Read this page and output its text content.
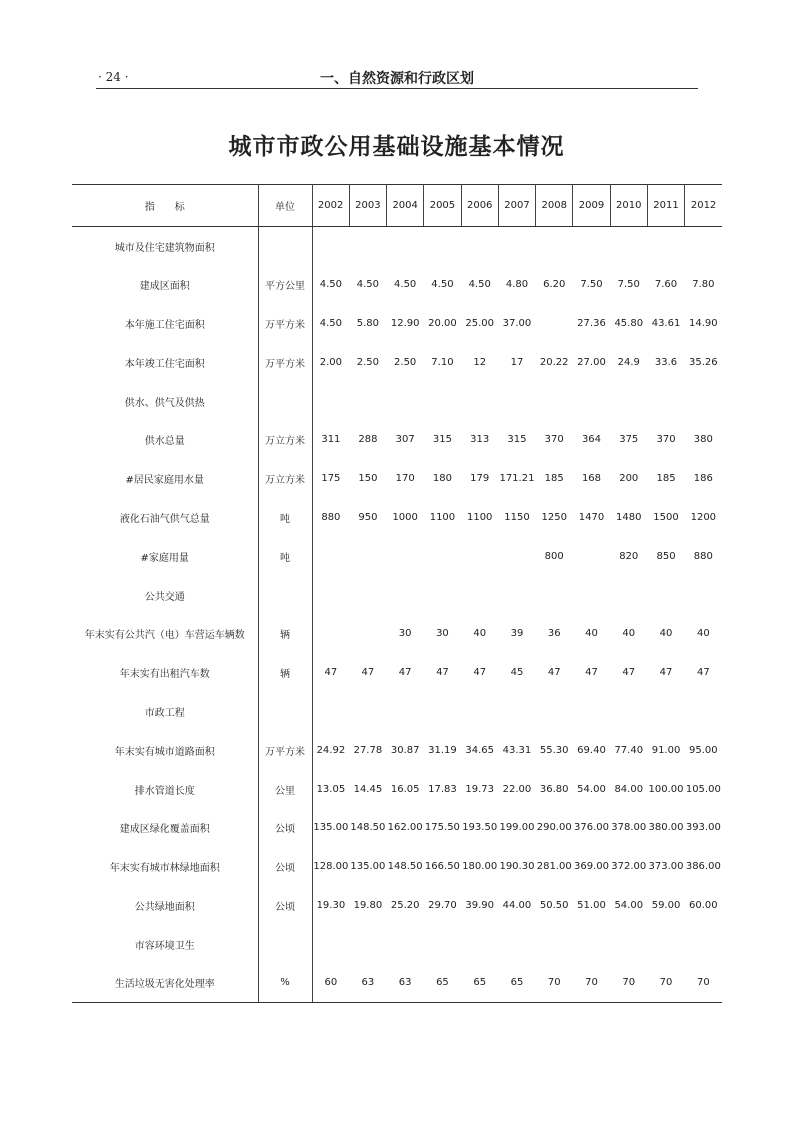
· 24 ·	一、自然资源和行政区划
城市市政公用基础设施基本情况
指　　标	单位	2002	2003	2004	2005	2006	2007	2008	2009	2010	2011	2012
城市及住宅建筑物面积												
建成区面积	平方公里	4.50	4.50	4.50	4.50	4.50	4.80	6.20	7.50	7.50	7.60	7.80
本年施工住宅面积	万平方米	4.50	5.80	12.90	20.00	25.00	37.00		27.36	45.80	43.61	14.90
本年竣工住宅面积	万平方米	2.00	2.50	2.50	7.10	12	17	20.22	27.00	24.9	33.6	35.26
供水、供气及供热												
供水总量	万立方米	311	288	307	315	313	315	370	364	375	370	380
#居民家庭用水量	万立方米	175	150	170	180	179	171.21	185	168	200	185	186
液化石油气供气总量	吨	880	950	1000	1100	1100	1150	1250	1470	1480	1500	1200
#家庭用量	吨							800		820	850	880
公共交通												
年末实有公共汽（电）车营运车辆数	辆			30	30	40	39	36	40	40	40	40
年末实有出租汽车数	辆	47	47	47	47	47	45	47	47	47	47	47
市政工程												
年末实有城市道路面积	万平方米	24.92	27.78	30.87	31.19	34.65	43.31	55.30	69.40	77.40	91.00	95.00
排水管道长度	公里	13.05	14.45	16.05	17.83	19.73	22.00	36.80	54.00	84.00	100.00	105.00
建成区绿化覆盖面积	公顷	135.00	148.50	162.00	175.50	193.50	199.00	290.00	376.00	378.00	380.00	393.00
年末实有城市林绿地面积	公顷	128.00	135.00	148.50	166.50	180.00	190.30	281.00	369.00	372.00	373.00	386.00
公共绿地面积	公顷	19.30	19.80	25.20	29.70	39.90	44.00	50.50	51.00	54.00	59.00	60.00
市容环境卫生												
生活垃圾无害化处理率	%	60	63	63	65	65	65	70	70	70	70	70
